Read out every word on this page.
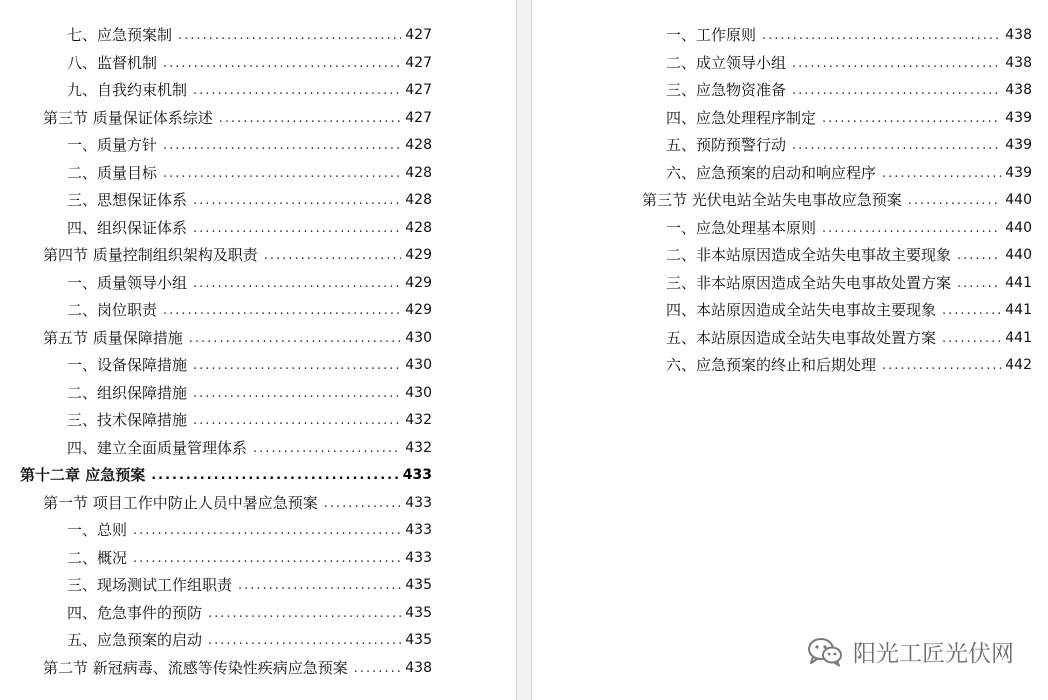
七、应急预案制 .....	427
八、监督机制 .....	427
九、自我约束机制 .....	427
第三节 质量保证体系综述 .....	427
一、质量方针 .....	428
二、质量目标 .....	428
三、思想保证体系 .....	428
四、组织保证体系 .....	428
第四节 质量控制组织架构及职责 .....	429
一、质量领导小组 .....	429
二、岗位职责 .....	429
第五节 质量保障措施 .....	430
一、设备保障措施 .....	430
二、组织保障措施 .....	430
三、技术保障措施 .....	432
四、建立全面质量管理体系 .....	432
第十二章 应急预案 .....	433
第一节 项目工作中防止人员中暑应急预案 .....	433
一、总则 .....	433
二、概况 .....	433
三、现场测试工作组职责 .....	435
四、危急事件的预防 .....	435
五、应急预案的启动 .....	435
第二节 新冠病毒、流感等传染性疾病应急预案 .....	438
一、工作原则 .....	438
二、成立领导小组 .....	438
三、应急物资准备 .....	438
四、应急处理程序制定 .....	439
五、预防预警行动 .....	439
六、应急预案的启动和响应程序 .....	439
第三节 光伏电站全站失电事故应急预案 .....	440
一、应急处理基本原则 .....	440
二、非本站原因造成全站失电事故主要现象 .....	440
三、非本站原因造成全站失电事故处置方案 .....	441
四、本站原因造成全站失电事故主要现象 .....	441
五、本站原因造成全站失电事故处置方案 .....	441
六、应急预案的终止和后期处理 .....	442
阳光工匠光伏网
